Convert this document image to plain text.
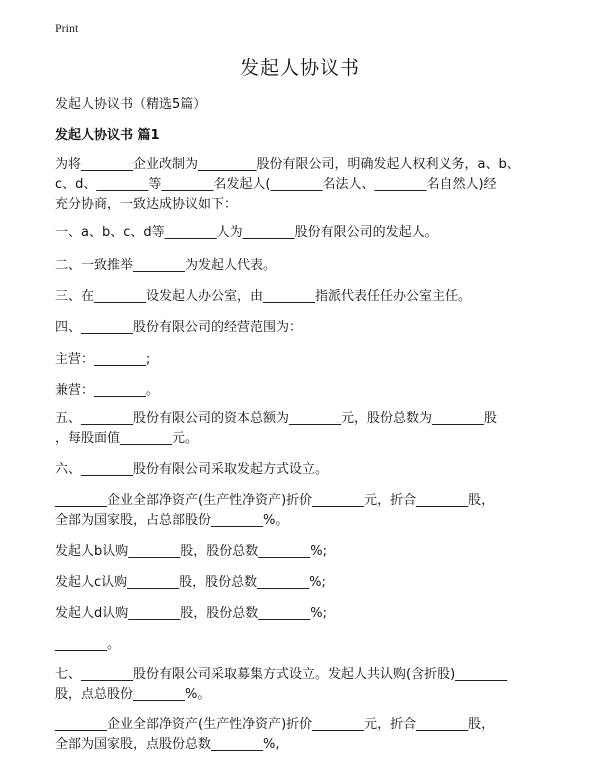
Print
发起人协议书
发起人协议书（精选5篇）
发起人协议书 篇1
为将________企业改制为_________股份有限公司，明确发起人权利义务，a、b、
c、d、________等________名发起人(________名法人、________名自然人)经
充分协商，一致达成协议如下：
一、a、b、c、d等________人为________股份有限公司的发起人。
二、一致推举________为发起人代表。
三、在________设发起人办公室，由________指派代表任任办公室主任。
四、________股份有限公司的经营范围为：
主营：________;
兼营：________。
五、________股份有限公司的资本总额为________元，股份总数为________股
，每股面值________元。
六、________股份有限公司采取发起方式设立。
________企业全部净资产(生产性净资产)折价________元，折合________股，
全部为国家股，占总部股份________%。
发起人b认购________股，股份总数________%;
发起人c认购________股，股份总数________%;
发起人d认购________股，股份总数________%;
________。
七、________股份有限公司采取募集方式设立。发起人共认购(含折股)________
股，点总股份________%。
________企业全部净资产(生产性净资产)折价________元，折合________股，
全部为国家股，点股份总数________%,
